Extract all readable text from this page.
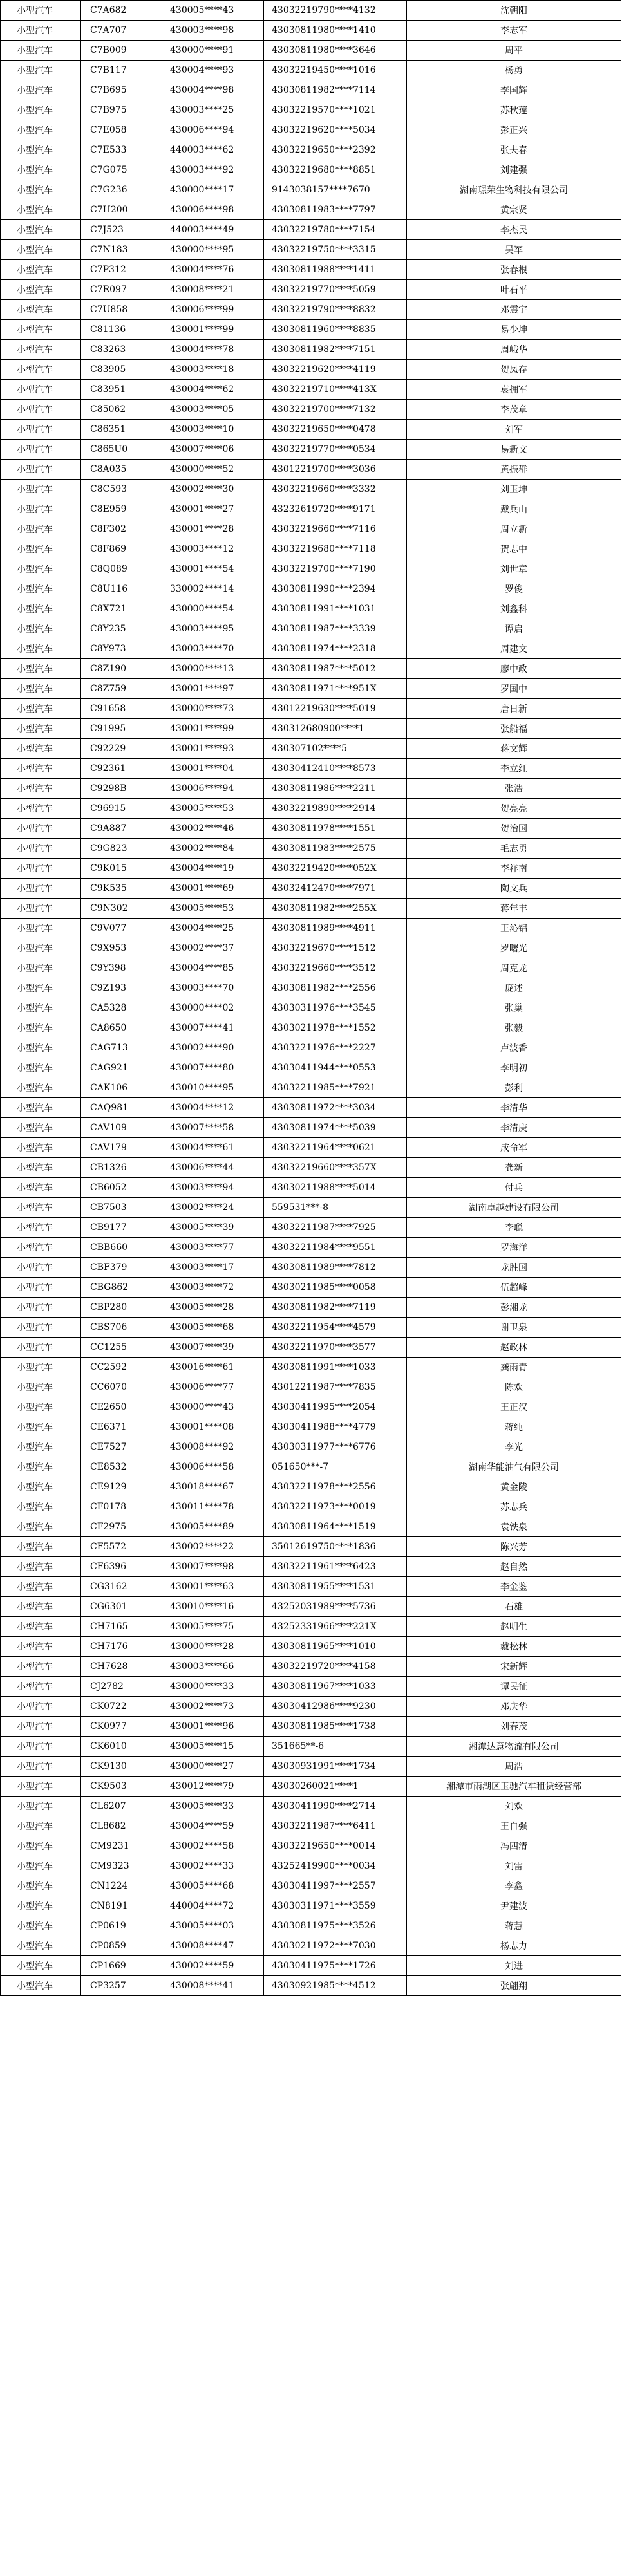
小型汽车	C7A682	430005****43	43032219790****4132	沈朝阳
小型汽车	C7A707	430003****98	43030811980****1410	李志军
小型汽车	C7B009	430000****91	43030811980****3646	周平
小型汽车	C7B117	430004****93	43032219450****1016	杨勇
小型汽车	C7B695	430004****98	43030811982****7114	李国辉
小型汽车	C7B975	430003****25	43032219570****1021	苏秋莲
小型汽车	C7E058	430006****94	43032219620****5034	彭正兴
小型汽车	C7E533	440003****62	43032219650****2392	张夫春
小型汽车	C7G075	430003****92	43032219680****8851	刘建强
小型汽车	C7G236	430000****17	9143038157****7670	湖南璟荣生物科技有限公司
小型汽车	C7H200	430006****98	43030811983****7797	黄宗贤
小型汽车	C7J523	440003****49	43032219780****7154	李杰民
小型汽车	C7N183	430000****95	43032219750****3315	吴军
小型汽车	C7P312	430004****76	43030811988****1411	张春根
小型汽车	C7R097	430008****21	43032219770****5059	叶石平
小型汽车	C7U858	430006****99	43032219790****8832	邓震宇
小型汽车	C81136	430001****99	43030811960****8835	易少坤
小型汽车	C83263	430004****78	43030811982****7151	周峨华
小型汽车	C83905	430003****18	43032219620****4119	贺凤存
小型汽车	C83951	430004****62	43032219710****413X	袁拥军
小型汽车	C85062	430003****05	43032219700****7132	李茂章
小型汽车	C86351	430003****10	43032219650****0478	刘军
小型汽车	C865U0	430007****06	43032219770****0534	易新文
小型汽车	C8A035	430000****52	43012219700****3036	黄振群
小型汽车	C8C593	430002****30	43032219660****3332	刘玉坤
小型汽车	C8E959	430001****27	43232619720****9171	戴兵山
小型汽车	C8F302	430001****28	43032219660****7116	周立新
小型汽车	C8F869	430003****12	43032219680****7118	贺志中
小型汽车	C8Q089	430001****54	43032219700****7190	刘世章
小型汽车	C8U116	330002****14	43030811990****2394	罗俊
小型汽车	C8X721	430000****54	43030811991****1031	刘鑫科
小型汽车	C8Y235	430003****95	43030811987****3339	谭启
小型汽车	C8Y973	430003****70	43030811974****2318	周建文
小型汽车	C8Z190	430000****13	43030811987****5012	廖中政
小型汽车	C8Z759	430001****97	43030811971****951X	罗国中
小型汽车	C91658	430000****73	43012219630****5019	唐日新
小型汽车	C91995	430001****99	430312680900****1	张船福
小型汽车	C92229	430001****93	430307102****5	蒋文辉
小型汽车	C92361	430001****04	43030412410****8573	李立红
小型汽车	C9298B	430006****94	43030811986****2211	张浩
小型汽车	C96915	430005****53	43032219890****2914	贺亮亮
小型汽车	C9A887	430002****46	43030811978****1551	贺治国
小型汽车	C9G823	430002****84	43030811983****2575	毛志勇
小型汽车	C9K015	430004****19	43032219420****052X	李祥南
小型汽车	C9K535	430001****69	43032412470****7971	陶文兵
小型汽车	C9N302	430005****53	43030811982****255X	蒋年丰
小型汽车	C9V077	430004****25	43030811989****4911	王沁铝
小型汽车	C9X953	430002****37	43032219670****1512	罗曙光
小型汽车	C9Y398	430004****85	43032219660****3512	周克龙
小型汽车	C9Z193	430003****70	43030811982****2556	庞述
小型汽车	CA5328	430000****02	43030311976****3545	张巢
小型汽车	CA8650	430007****41	43030211978****1552	张毅
小型汽车	CAG713	430002****90	43032211976****2227	卢波香
小型汽车	CAG921	430007****80	43030411944****0553	李明初
小型汽车	CAK106	430010****95	43032211985****7921	彭利
小型汽车	CAQ981	430004****12	43030811972****3034	李清华
小型汽车	CAV109	430007****58	43030811974****5039	李清庚
小型汽车	CAV179	430004****61	43032211964****0621	成命军
小型汽车	CB1326	430006****44	43032219660****357X	龚新
小型汽车	CB6052	430003****94	43030211988****5014	付兵
小型汽车	CB7503	430002****24	559531***-8	湖南卓越建设有限公司
小型汽车	CB9177	430005****39	43032211987****7925	李聪
小型汽车	CBB660	430003****77	43032211984****9551	罗海洋
小型汽车	CBF379	430003****17	43030811989****7812	龙胜国
小型汽车	CBG862	430003****72	43030211985****0058	伍超峰
小型汽车	CBP280	430005****28	43030811982****7119	彭湘龙
小型汽车	CBS706	430005****68	43032211954****4579	谢卫泉
小型汽车	CC1255	430007****39	43032211970****3577	赵政林
小型汽车	CC2592	430016****61	43030811991****1033	龚雨青
小型汽车	CC6070	430006****77	43012211987****7835	陈欢
小型汽车	CE2650	430000****43	43030411995****2054	王正汉
小型汽车	CE6371	430001****08	43030411988****4779	蒋纯
小型汽车	CE7527	430008****92	43030311977****6776	李光
小型汽车	CE8532	430006****58	051650***-7	湖南华能油气有限公司
小型汽车	CE9129	430018****67	43032211978****2556	黄金陵
小型汽车	CF0178	430011****78	43032211973****0019	苏志兵
小型汽车	CF2975	430005****89	43030811964****1519	袁铁泉
小型汽车	CF5572	430002****22	35012619750****1836	陈兴芳
小型汽车	CF6396	430007****98	43032211961****6423	赵自然
小型汽车	CG3162	430001****63	43030811955****1531	李金鉴
小型汽车	CG6301	430010****16	43252031989****5736	石雄
小型汽车	CH7165	430005****75	43252331966****221X	赵明生
小型汽车	CH7176	430000****28	43030811965****1010	戴松林
小型汽车	CH7628	430003****66	43032219720****4158	宋新辉
小型汽车	CJ2782	430000****33	43030811967****1033	谭民征
小型汽车	CK0722	430002****73	43030412986****9230	邓庆华
小型汽车	CK0977	430001****96	43030811985****1738	刘春茂
小型汽车	CK6010	430005****15	351665**-6	湘潭达意物流有限公司
小型汽车	CK9130	430000****27	43030931991****1734	周浩
小型汽车	CK9503	430012****79	43030260021****1	湘潭市雨湖区玉驰汽车租赁经营部
小型汽车	CL6207	430005****33	43030411990****2714	刘欢
小型汽车	CL8682	430004****59	43032211987****6411	王自强
小型汽车	CM9231	430002****58	43032219650****0014	冯四清
小型汽车	CM9323	430002****33	43252419900****0034	刘雷
小型汽车	CN1224	430005****68	43030411997****2557	李鑫
小型汽车	CN8191	440004****72	43030311971****3559	尹建波
小型汽车	CP0619	430005****03	43030811975****3526	蒋慧
小型汽车	CP0859	430008****47	43030211972****7030	杨志力
小型汽车	CP1669	430002****59	43030411975****1726	刘进
小型汽车	CP3257	430008****41	43030921985****4512	张翩翔
